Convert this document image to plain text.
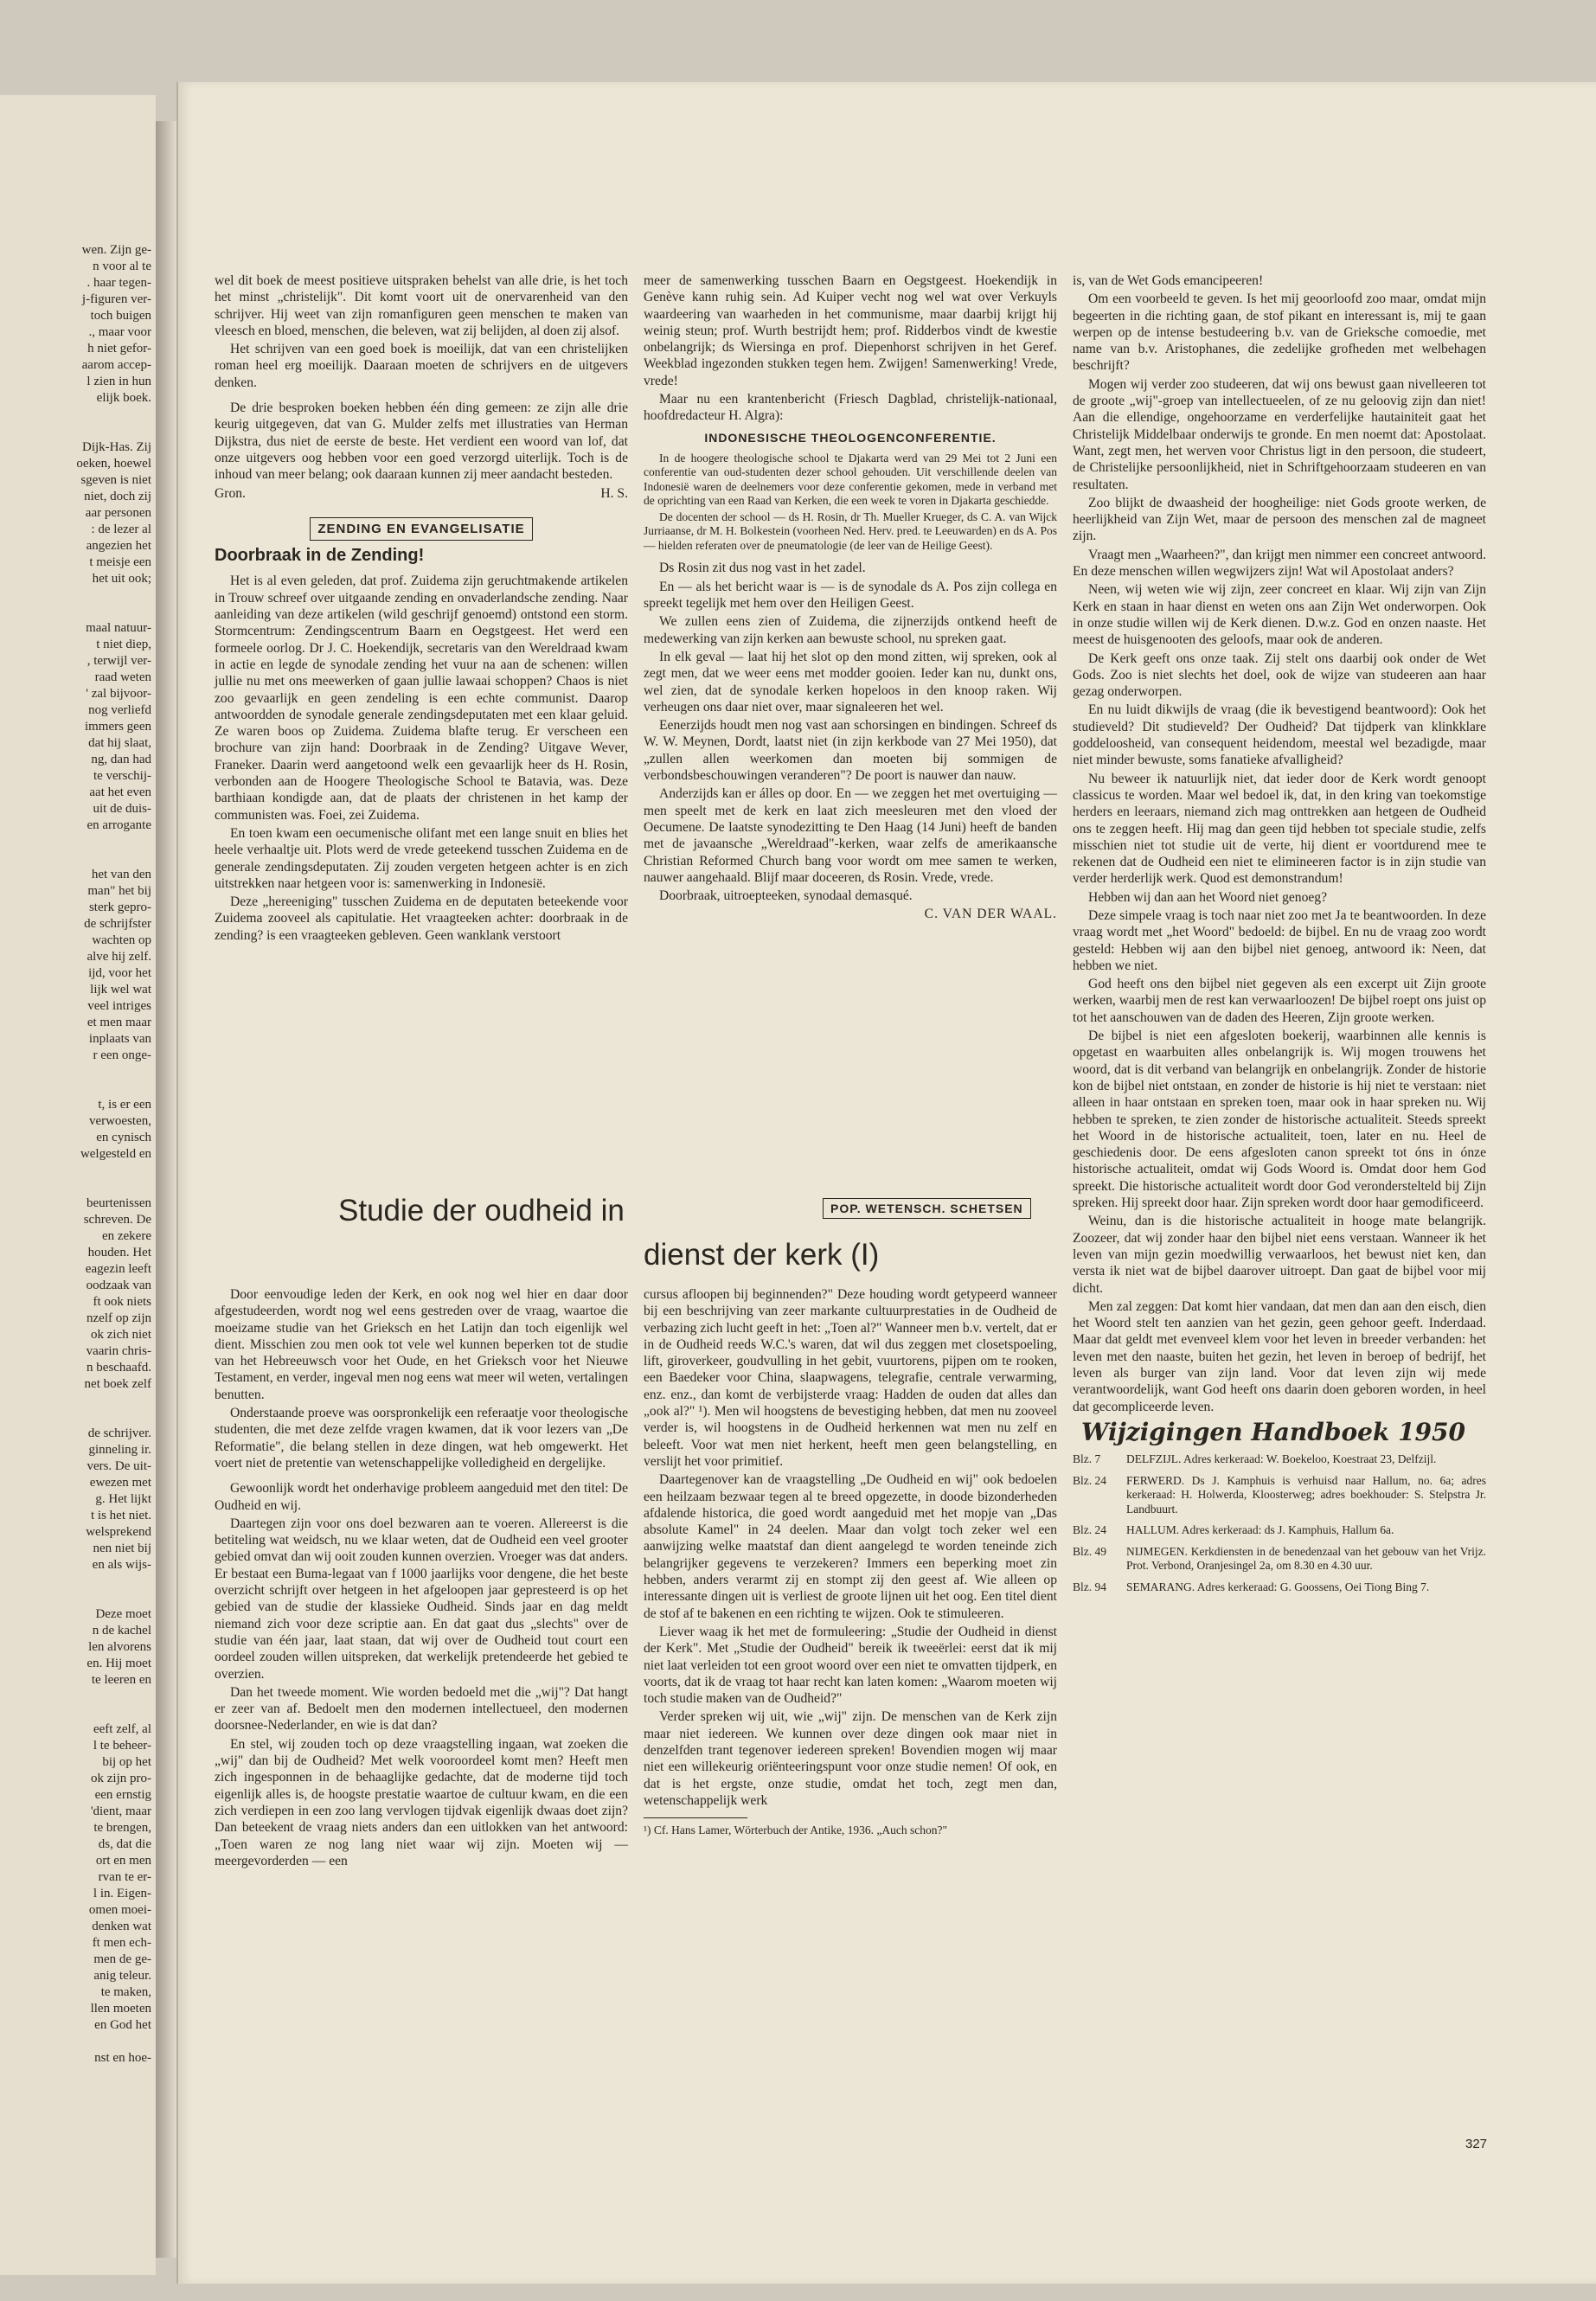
wen. Zijn ge-
n voor al te
. haar tegen-
j-figuren ver-
toch buigen
., maar voor
h niet gefor-
aarom accep-
l zien in hun
elijk boek.

Dijk-Has. Zij
oeken, hoewel
sgeven is niet
niet, doch zij
aar personen
: de lezer al
angezien het
t meisje een
het uit ook;

maal natuur-
t niet diep,
, terwijl ver-
raad weten
' zal bijvoor-
nog verliefd
immers geen
dat hij slaat,
ng, dan had
te verschij-
aat het even
uit de duis-
en arrogante

het van den
man" het bij
sterk gepro-
de schrijfster
wachten op
alve hij zelf.
ijd, voor het
lijk wel wat
veel intriges
et men maar
inplaats van
r een onge-

t, is er een
verwoesten,
en cynisch
welgesteld en

beurtenissen
schreven. De
en zekere
houden. Het
eagezin leeft
oodzaak van
ft ook niets
nzelf op zijn
ok zich niet
vaarin chris-
n beschaafd.
net boek zelf

de schrijver.
ginneling ir.
vers. De uit-
ewezen met
g. Het lijkt
t is het niet.
welsprekend
nen niet bij
en als wijs-

Deze moet
n de kachel
len alvorens
en. Hij moet
te leeren en

eeft zelf, al
l te beheer-
bij op het
ok zijn pro-
een ernstig
'dient, maar
te brengen,
ds, dat die
ort en men
rvan te er-
l in. Eigen-
omen moei-
denken wat
ft men ech-
men de ge-
anig teleur.
te maken,
llen moeten
en God het

nst en hoe-

wel dit boek de meest positieve uitspraken behelst van alle drie, is het toch het minst „christelijk". Dit komt voort uit de onervarenheid van den schrijver. Hij weet van zijn romanfiguren geen menschen te maken van vleesch en bloed, menschen, die beleven, wat zij belijden, al doen zij alsof.

Het schrijven van een goed boek is moeilijk, dat van een christelijken roman heel erg moeilijk. Daaraan moeten de schrijvers en de uitgevers denken.

De drie besproken boeken hebben één ding gemeen: ze zijn alle drie keurig uitgegeven, dat van G. Mulder zelfs met illustraties van Herman Dijkstra, dus niet de eerste de beste. Het verdient een woord van lof, dat onze uitgevers oog hebben voor een goed verzorgd uiterlijk. Toch is de inhoud van meer belang; ook daaraan kunnen zij meer aandacht besteden.

Gron.	H. S.
ZENDING EN EVANGELISATIE
Doorbraak in de Zending!

Het is al even geleden, dat prof. Zuidema zijn geruchtmakende artikelen in Trouw schreef over uitgaande zending en onvaderlandsche zending. Naar aanleiding van deze artikelen (wild geschrijf genoemd) ontstond een storm. Stormcentrum: Zendingscentrum Baarn en Oegstgeest. Het werd een formeele oorlog. Dr J. C. Hoekendijk, secretaris van den Wereldraad kwam in actie en legde de synodale zending het vuur na aan de schenen: willen jullie nu met ons meewerken of gaan jullie lawaai schoppen? Chaos is niet zoo gevaarlijk en geen zendeling is een echte communist. Daarop antwoordden de synodale generale zendingsdeputaten met een klaar geluid. Ze waren boos op Zuidema. Zuidema blafte terug. Er verscheen een brochure van zijn hand: Doorbraak in de Zending? Uitgave Wever, Franeker. Daarin werd aangetoond welk een gevaarlijk heer ds H. Rosin, verbonden aan de Hoogere Theologische School te Batavia, was. Deze barthiaan kondigde aan, dat de plaats der christenen in het kamp der communisten was. Foei, zei Zuidema.

En toen kwam een oecumenische olifant met een lange snuit en blies het heele verhaaltje uit. Plots werd de vrede geteekend tusschen Zuidema en de generale zendingsdeputaten. Zij zouden vergeten hetgeen achter is en zich uitstrekken naar hetgeen voor is: samenwerking in Indonesië.

Deze „hereeniging" tusschen Zuidema en de deputaten beteekende voor Zuidema zooveel als capitulatie. Het vraagteeken achter: doorbraak in de zending? is een vraagteeken gebleven. Geen wanklank verstoort

meer de samenwerking tusschen Baarn en Oegstgeest. Hoekendijk in Genève kann ruhig sein. Ad Kuiper vecht nog wel wat over Verkuyls waardeering van waarheden in het communisme, maar daarbij krijgt hij weinig steun; prof. Wurth bestrijdt hem; prof. Ridderbos vindt de kwestie onbelangrijk; ds Wiersinga en prof. Diepenhorst schrijven in het Geref. Weekblad ingezonden stukken tegen hem. Zwijgen! Samenwerking! Vrede, vrede!

Maar nu een krantenbericht (Friesch Dagblad, christelijk-nationaal, hoofdredacteur H. Algra):

INDONESISCHE THEOLOGENCONFERENTIE.

In de hoogere theologische school te Djakarta werd van 29 Mei tot 2 Juni een conferentie van oud-studenten dezer school gehouden. Uit verschillende deelen van Indonesië waren de deelnemers voor deze conferentie gekomen, mede in verband met de oprichting van een Raad van Kerken, die een week te voren in Djakarta geschiedde.

De docenten der school — ds H. Rosin, dr Th. Mueller Krueger, ds C. A. van Wijck Jurriaanse, dr M. H. Bolkestein (voorheen Ned. Herv. pred. te Leeuwarden) en ds A. Pos — hielden referaten over de pneumatologie (de leer van de Heilige Geest).

Ds Rosin zit dus nog vast in het zadel.

En — als het bericht waar is — is de synodale ds A. Pos zijn collega en spreekt tegelijk met hem over den Heiligen Geest.

We zullen eens zien of Zuidema, die zijnerzijds ontkend heeft de medewerking van zijn kerken aan bewuste school, nu spreken gaat.

In elk geval — laat hij het slot op den mond zitten, wij spreken, ook al zegt men, dat we weer eens met modder gooien. Ieder kan nu, dunkt ons, wel zien, dat de synodale kerken hopeloos in den knoop raken. Wij verheugen ons daar niet over, maar signaleeren het wel.

Eenerzijds houdt men nog vast aan schorsingen en bindingen. Schreef ds W. W. Meynen, Dordt, laatst niet (in zijn kerkbode van 27 Mei 1950), dat „zullen allen weerkomen dan moeten bij sommigen de verbondsbeschouwingen veranderen"? De poort is nauwer dan nauw.

Anderzijds kan er álles op door. En — we zeggen het met overtuiging — men speelt met de kerk en laat zich meesleuren met den vloed der Oecumene. De laatste synodezitting te Den Haag (14 Juni) heeft de banden met de javaansche „Wereldraad"-kerken, waar zelfs de amerikaansche Christian Reformed Church bang voor wordt om mee samen te werken, nauwer aangehaald. Blijf maar doceeren, ds Rosin. Vrede, vrede.

Doorbraak, uitroepteeken, synodaal demasqué.

C. VAN DER WAAL.

is, van de Wet Gods emancipeeren!

Om een voorbeeld te geven. Is het mij geoorloofd zoo maar, omdat mijn begeerten in die richting gaan, de stof pikant en interessant is, mij te gaan werpen op de intense bestudeering b.v. van de Grieksche comoedie, met name van b.v. Aristophanes, die zedelijke grofheden met welbehagen beschrijft?

Mogen wij verder zoo studeeren, dat wij ons bewust gaan nivelleeren tot de groote „wij"-groep van intellectueelen, of ze nu geloovig zijn dan niet! Aan die ellendige, ongehoorzame en verderfelijke hautainiteit gaat het Christelijk Middelbaar onderwijs te gronde. En men noemt dat: Apostolaat. Want, zegt men, het werven voor Christus ligt in den persoon, die studeert, de Christelijke persoonlijkheid, niet in Schriftgehoorzaam studeeren en van resultaten.

Zoo blijkt de dwaasheid der hoogheilige: niet Gods groote werken, de heerlijkheid van Zijn Wet, maar de persoon des menschen zal de magneet zijn.

Vraagt men „Waarheen?", dan krijgt men nimmer een concreet antwoord. En deze menschen willen wegwijzers zijn! Wat wil Apostolaat anders?

Neen, wij weten wie wij zijn, zeer concreet en klaar. Wij zijn van Zijn Kerk en staan in haar dienst en weten ons aan Zijn Wet onderworpen. Ook in onze studie willen wij de Kerk dienen. D.w.z. God en onzen naaste. Het meest de huisgenooten des geloofs, maar ook de anderen.

De Kerk geeft ons onze taak. Zij stelt ons daarbij ook onder de Wet Gods. Zoo is niet slechts het doel, ook de wijze van studeeren aan haar gezag onderworpen.

En nu luidt dikwijls de vraag (die ik bevestigend beantwoord): Ook het studieveld? Dit studieveld? Der Oudheid? Dat tijdperk van klinkklare goddeloosheid, van consequent heidendom, meestal wel bezadigde, maar niet minder bewuste, soms fanatieke afvalligheid?

Nu beweer ik natuurlijk niet, dat ieder door de Kerk wordt genoopt classicus te worden. Maar wel bedoel ik, dat, in den kring van toekomstige herders en leeraars, niemand zich mag onttrekken aan hetgeen de Oudheid ons te zeggen heeft. Hij mag dan geen tijd hebben tot speciale studie, zelfs misschien niet tot studie uit de verte, hij dient er voortdurend mee te rekenen dat de Oudheid een niet te elimineeren factor is in zijn studie van verder herderlijk werk. Quod est demonstrandum!

Hebben wij dan aan het Woord niet genoeg?

Deze simpele vraag is toch naar niet zoo met Ja te beantwoorden. In deze vraag wordt met „het Woord" bedoeld: de bijbel. En nu de vraag zoo wordt gesteld: Hebben wij aan den bijbel niet genoeg, antwoord ik: Neen, dat hebben we niet.

God heeft ons den bijbel niet gegeven als een excerpt uit Zijn groote werken, waarbij men de rest kan verwaarloozen! De bijbel roept ons juist op tot het aanschouwen van de daden des Heeren, Zijn groote werken.

De bijbel is niet een afgesloten boekerij, waarbinnen alle kennis is opgetast en waarbuiten alles onbelangrijk is. Wij mogen trouwens het woord, dat is dit verband van belangrijk en onbelangrijk. Zonder de historie kon de bijbel niet ontstaan, en zonder de historie is hij niet te verstaan: niet alleen in haar ontstaan en spreken toen, maar ook in haar spreken nu. Wij hebben te spreken, te zien zonder de historische actualiteit. Steeds spreekt het Woord in de historische actualiteit, toen, later en nu. Heel de geschiedenis door. De eens afgesloten canon spreekt tot óns in ónze historische actualiteit, omdat wij Gods Woord is. Omdat door hem God spreekt. Die historische actualiteit wordt door God veronderstelteld bij Zijn spreken. Hij spreekt door haar. Zijn spreken wordt door haar gemodificeerd.

Weinu, dan is die historische actualiteit in hooge mate belangrijk. Zoozeer, dat wij zonder haar den bijbel niet eens verstaan. Wanneer ik het leven van mijn gezin moedwillig verwaarloos, het bewust niet ken, dan versta ik niet wat de bijbel daarover uitroept. Dan gaat de bijbel voor mij dicht.

Men zal zeggen: Dat komt hier vandaan, dat men dan aan den eisch, dien het Woord stelt ten aanzien van het gezin, geen gehoor geeft. Inderdaad. Maar dat geldt met evenveel klem voor het leven in breeder verbanden: het leven met den naaste, buiten het gezin, het leven in beroep of bedrijf, het leven als burger van zijn land. Voor dat leven zijn wij mede verantwoordelijk, want God heeft ons daarin doen geboren worden, in heel dat gecompliceerde leven.

Wijzigingen Handboek 1950
Blz. 7	DELFZIJL. Adres kerkeraad: W. Boekeloo, Koestraat 23, Delfzijl.
Blz. 24	FERWERD. Ds J. Kamphuis is verhuisd naar Hallum, no. 6a; adres kerkeraad: H. Holwerda, Kloosterweg; adres boekhouder: S. Stelpstra Jr. Landbuurt.
Blz. 24	HALLUM. Adres kerkeraad: ds J. Kamphuis, Hallum 6a.
Blz. 49	NIJMEGEN. Kerkdiensten in de benedenzaal van het gebouw van het Vrijz. Prot. Verbond, Oranjesingel 2a, om 8.30 en 4.30 uur.
Blz. 94	SEMARANG. Adres kerkeraad: G. Goossens, Oei Tiong Bing 7.
Studie der oudheid in	POP. WETENSCH. SCHETSEN
dienst der kerk (I)

Door eenvoudige leden der Kerk, en ook nog wel hier en daar door afgestudeerden, wordt nog wel eens gestreden over de vraag, waartoe die moeizame studie van het Grieksch en het Latijn dan toch eigenlijk wel dient. Misschien zou men ook tot vele wel kunnen beperken tot de studie van het Hebreeuwsch voor het Oude, en het Grieksch voor het Nieuwe Testament, en verder, ingeval men nog eens wat meer wil weten, vertalingen benutten.

Onderstaande proeve was oorspronkelijk een referaatje voor theologische studenten, die met deze zelfde vragen kwamen, dat ik voor lezers van „De Reformatie", die belang stellen in deze dingen, wat heb omgewerkt. Het voert niet de pretentie van wetenschappelijke volledigheid en dergelijke.

Gewoonlijk wordt het onderhavige probleem aangeduid met den titel: De Oudheid en wij.

Daartegen zijn voor ons doel bezwaren aan te voeren. Allereerst is die betiteling wat weidsch, nu we klaar weten, dat de Oudheid een veel grooter gebied omvat dan wij ooit zouden kunnen overzien. Vroeger was dat anders. Er bestaat een Buma-legaat van f 1000 jaarlijks voor dengene, die het beste overzicht schrijft over hetgeen in het afgeloopen jaar gepresteerd is op het gebied van de studie der klassieke Oudheid. Sinds jaar en dag meldt niemand zich voor deze scriptie aan. En dat gaat dus „slechts" over de studie van één jaar, laat staan, dat wij over de Oudheid tout court een oordeel zouden willen uitspreken, dat werkelijk pretendeerde het gebied te overzien.

Dan het tweede moment. Wie worden bedoeld met die „wij"? Dat hangt er zeer van af. Bedoelt men den modernen intellectueel, den modernen doorsnee-Nederlander, en wie is dat dan?

En stel, wij zouden toch op deze vraagstelling ingaan, wat zoeken die „wij" dan bij de Oudheid? Met welk vooroordeel komt men? Heeft men zich ingesponnen in de behaaglijke gedachte, dat de moderne tijd toch eigenlijk alles is, de hoogste prestatie waartoe de cultuur kwam, en die een zich verdiepen in een zoo lang vervlogen tijdvak eigenlijk dwaas doet zijn? Dan beteekent de vraag niets anders dan een uitlokken van het antwoord: „Toen waren ze nog lang niet waar wij zijn. Moeten wij — meergevorderden — een

cursus afloopen bij beginnenden?" Deze houding wordt getypeerd wanneer bij een beschrijving van zeer markante cultuurprestaties in de Oudheid de verbazing zich lucht geeft in het: „Toen al?" Wanneer men b.v. vertelt, dat er in de Oudheid reeds W.C.'s waren, dat wil dus zeggen met closetspoeling, lift, giroverkeer, goudvulling in het gebit, vuurtorens, pijpen om te rooken, een Baedeker voor China, slaapwagens, telegrafie, centrale verwarming, enz. enz., dan komt de verbijsterde vraag: Hadden de ouden dat alles dan „ook al?" ¹). Men wil hoogstens de bevestiging hebben, dat men nu zooveel verder is, wil hoogstens in de Oudheid herkennen wat men nu zelf en beleeft. Voor wat men niet herkent, heeft men geen belangstelling, en verslijt het voor primitief.

Daartegenover kan de vraagstelling „De Oudheid en wij" ook bedoelen een heilzaam bezwaar tegen al te breed opgezette, in doode bizonderheden afdalende historica, die goed wordt aangeduid met het mopje van „Das absolute Kamel" in 24 deelen. Maar dan volgt toch zeker wel een aanwijzing welke maatstaf dan dient aangelegd te worden teneinde zich belangrijker gegevens te verzekeren? Immers een beperking moet zin hebben, anders verarmt zij en stompt zij den geest af. Wie alleen op interessante dingen uit is verliest de groote lijnen uit het oog. Een titel dient de stof af te bakenen en een richting te wijzen. Ook te stimuleeren.

Liever waag ik het met de formuleering: „Studie der Oudheid in dienst der Kerk". Met „Studie der Oudheid" bereik ik tweeërlei: eerst dat ik mij niet laat verleiden tot een groot woord over een niet te omvatten tijdperk, en voorts, dat ik de vraag tot haar recht kan laten komen: „Waarom moeten wij toch studie maken van de Oudheid?"

Verder spreken wij uit, wie „wij" zijn. De menschen van de Kerk zijn maar niet iedereen. We kunnen over deze dingen ook maar niet in denzelfden trant tegenover iedereen spreken! Bovendien mogen wij maar niet een willekeurig oriënteeringspunt voor onze studie nemen! Of ook, en dat is het ergste, onze studie, omdat het toch, zegt men dan, wetenschappelijk werk

¹) Cf. Hans Lamer, Wörterbuch der Antike, 1936. „Auch schon?"

327
